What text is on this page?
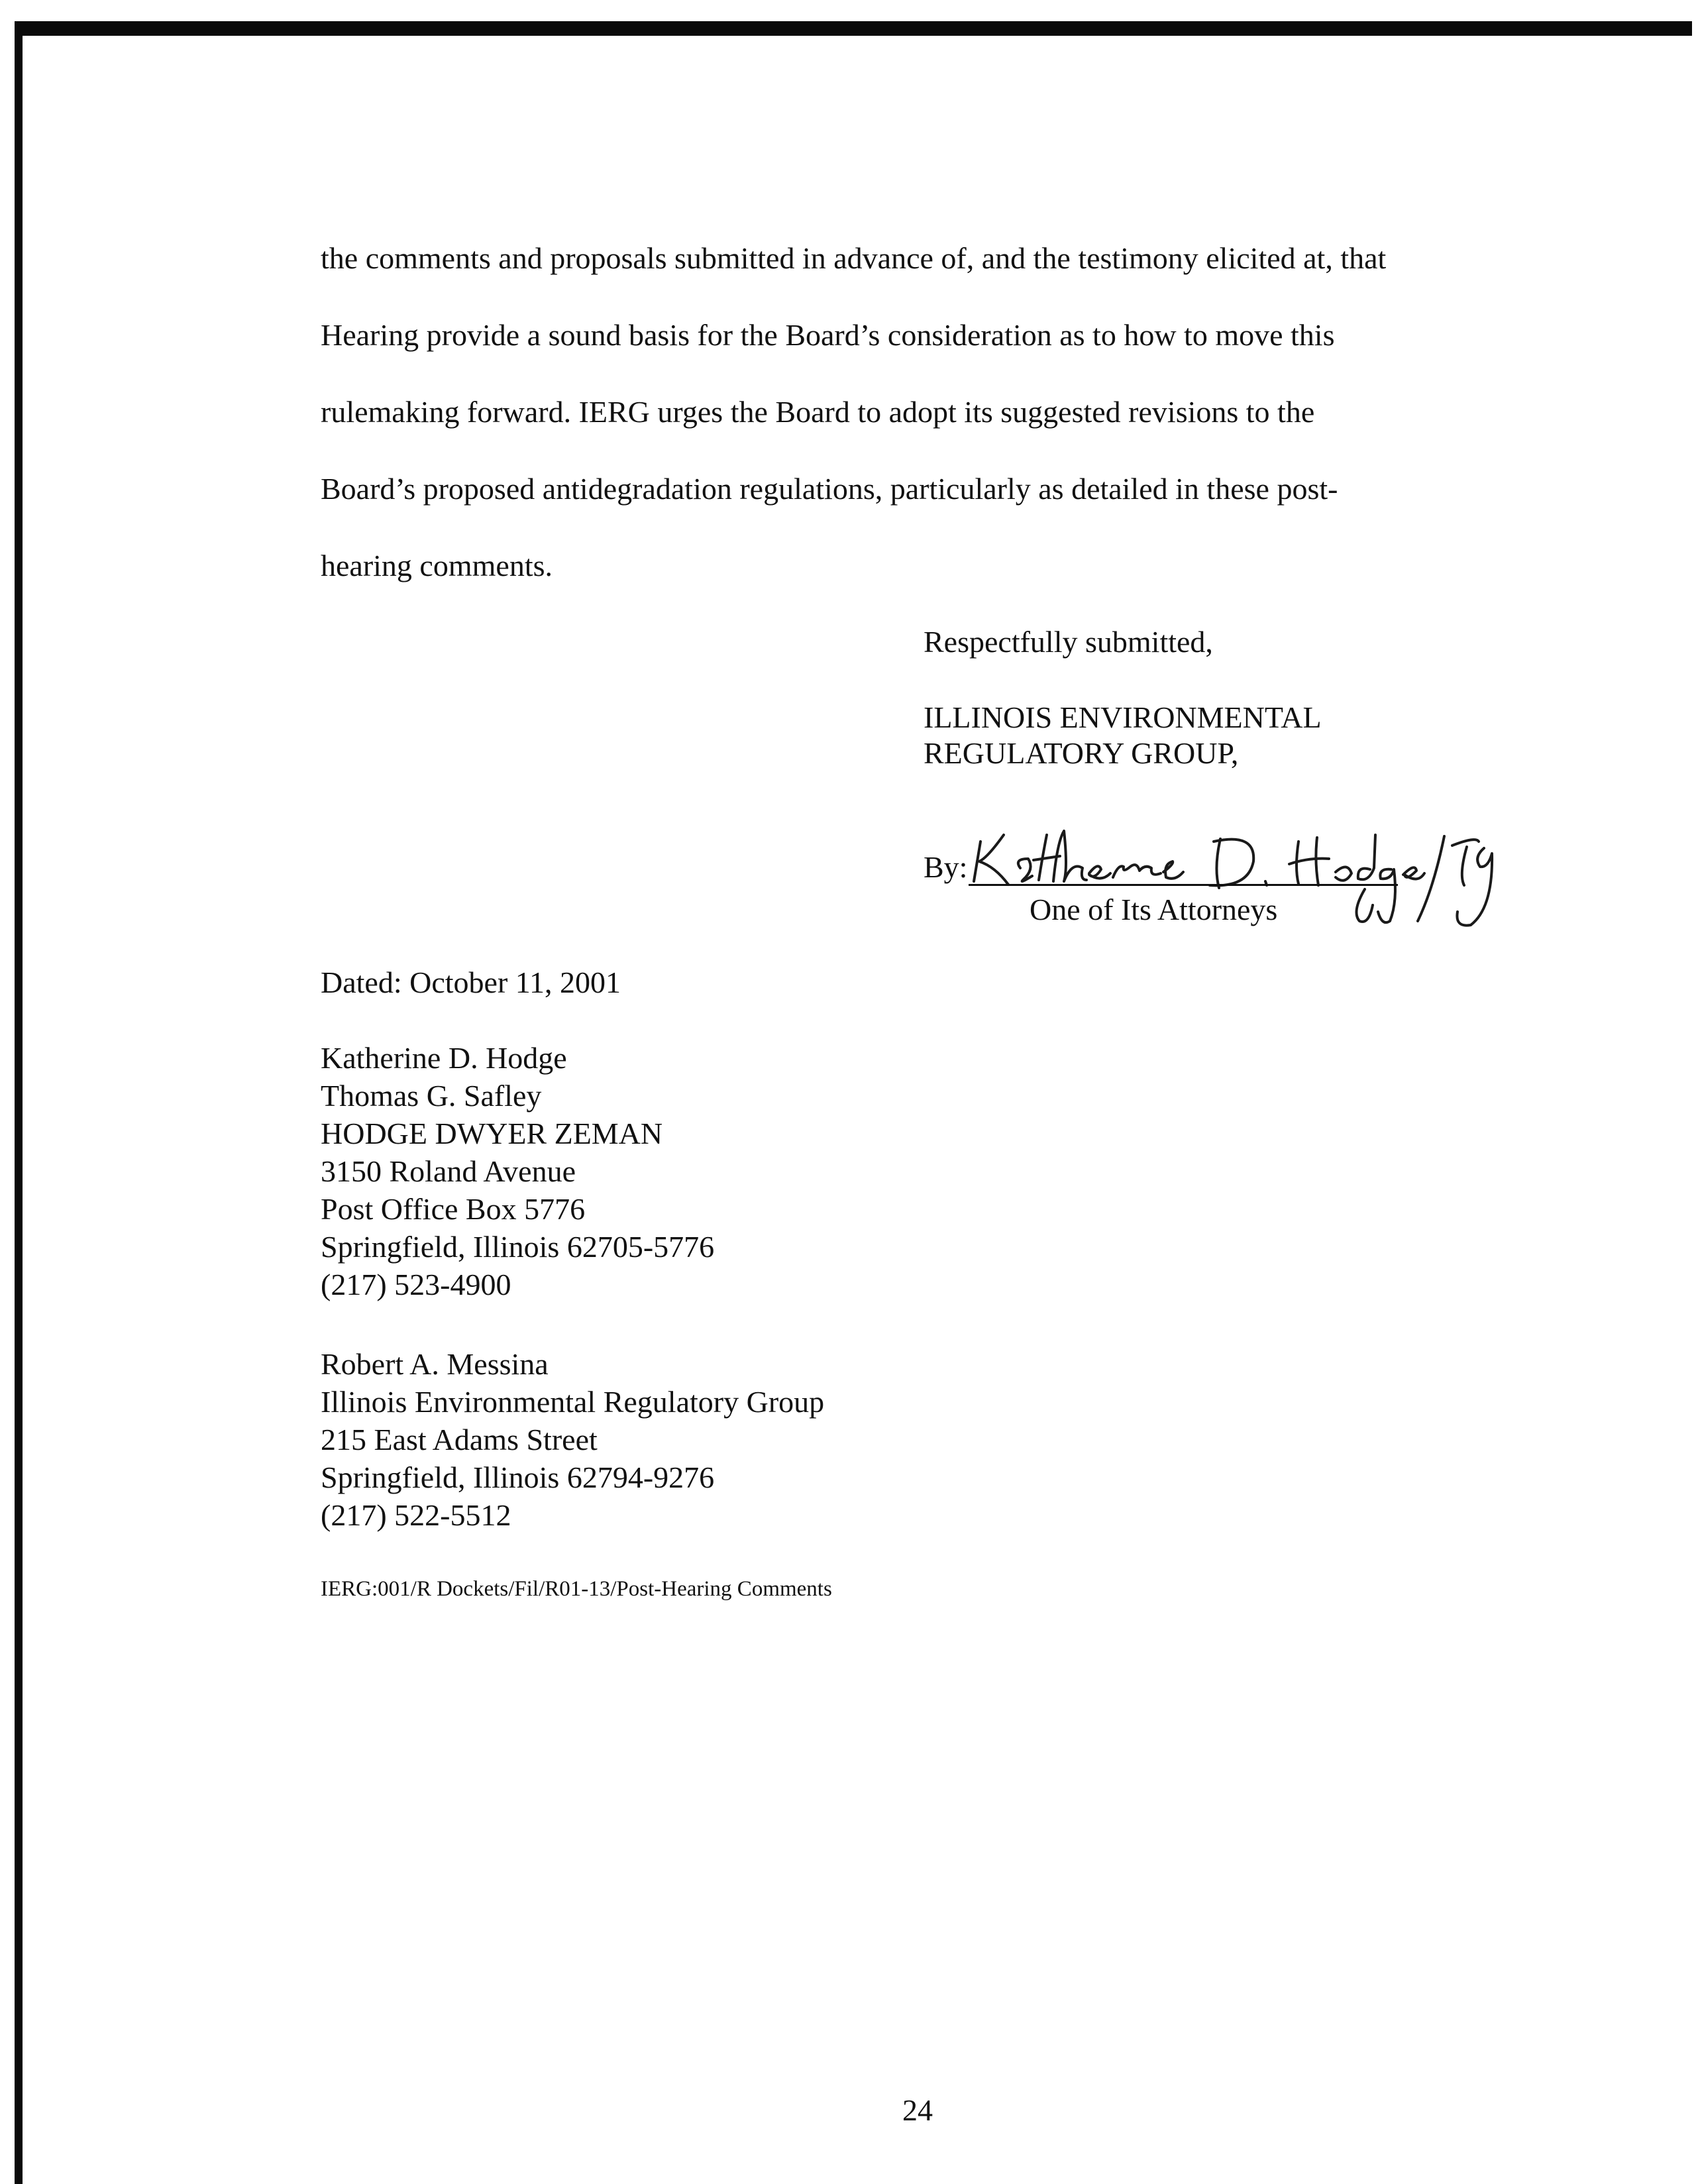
the comments and proposals submitted in advance of, and the testimony elicited at, that
Hearing provide a sound basis for the Board’s consideration as to how to move this
rulemaking forward. IERG urges the Board to adopt its suggested revisions to the
Board’s proposed antidegradation regulations, particularly as detailed in these post-
hearing comments.
Respectfully submitted,
ILLINOIS ENVIRONMENTAL
REGULATORY GROUP,
By:
One of Its Attorneys
Dated: October 11, 2001
Katherine D. Hodge
Thomas G. Safley
HODGE DWYER ZEMAN
3150 Roland Avenue
Post Office Box 5776
Springfield, Illinois 62705-5776
(217) 523-4900
Robert A. Messina
Illinois Environmental Regulatory Group
215 East Adams Street
Springfield, Illinois 62794-9276
(217) 522-5512
IERG:001/R Dockets/Fil/R01-13/Post-Hearing Comments
24
